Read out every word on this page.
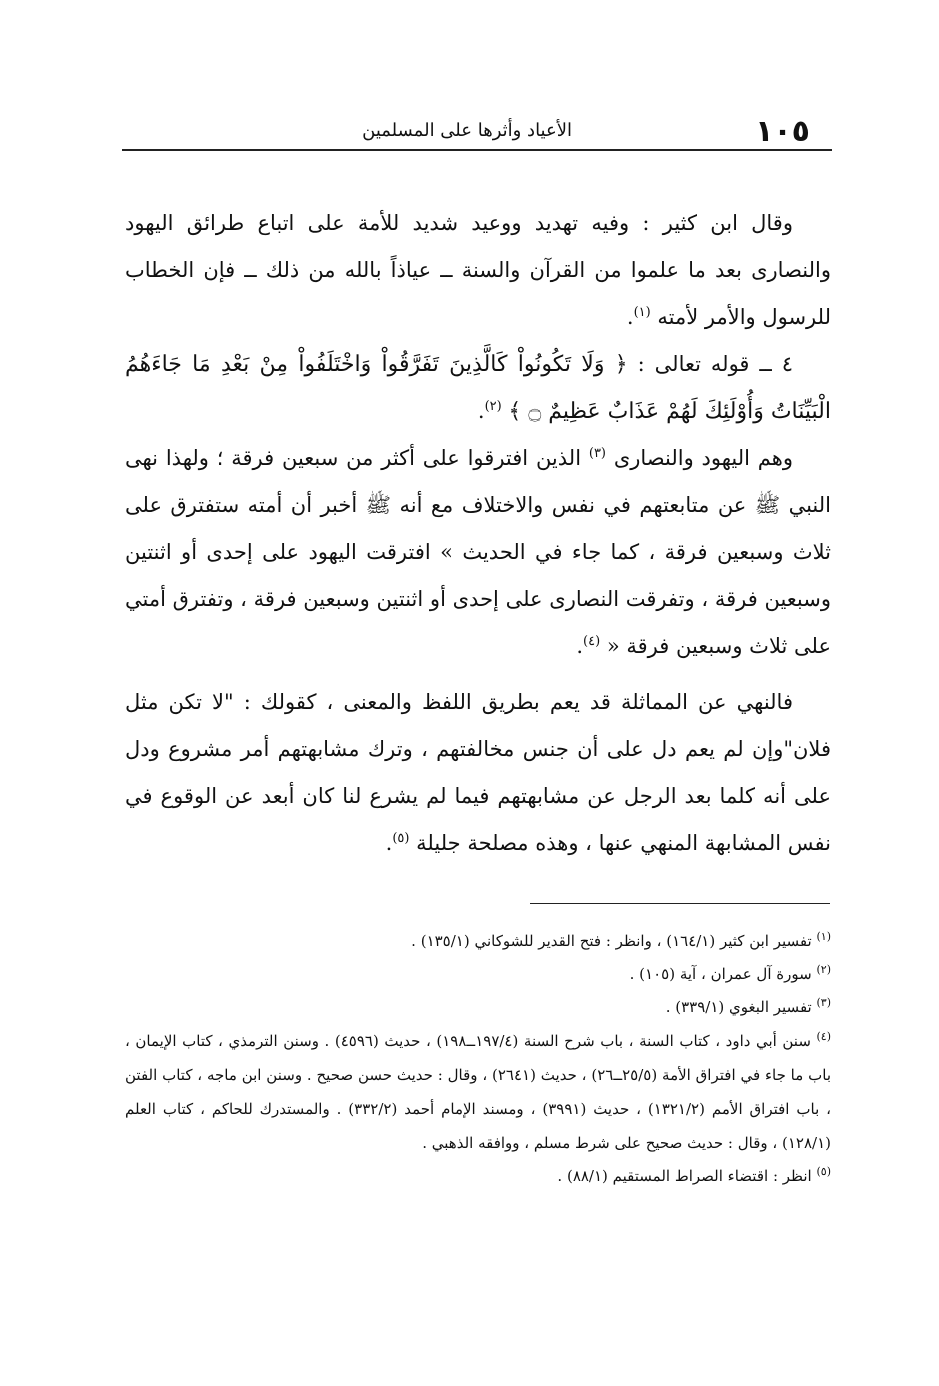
١٠٥
الأعياد وأثرها على المسلمين

وقال ابن كثير : وفيه تهديد ووعيد شديد للأمة على اتباع طرائق اليهود والنصارى بعد ما علموا من القرآن والسنة ــ عياذاً بالله من ذلك ــ فإن الخطاب للرسول والأمر لأمته $^{(١)}$.

٤ ــ قوله تعالى : ﴿ وَلَا تَكُونُواْ كَالَّذِينَ تَفَرَّقُواْ وَاخْتَلَفُواْ مِنْ بَعْدِ مَا جَاءَهُمُ الْبَيِّنَاتُ وَأُوْلَئِكَ لَهُمْ عَذَابٌ عَظِيمٌ ۝ ﴾ $^{(٢)}$.

وهم اليهود والنصارى $^{(٣)}$ الذين افترقوا على أكثر من سبعين فرقة ؛ ولهذا نهى النبي ﷺ عن متابعتهم في نفس والاختلاف مع أنه ﷺ أخبر أن أمته ستفترق على ثلاث وسبعين فرقة ، كما جاء في الحديث » افترقت اليهود على إحدى أو اثنتين وسبعين فرقة ، وتفرقت النصارى على إحدى أو اثنتين وسبعين فرقة ، وتفترق أمتي على ثلاث وسبعين فرقة « $^{(٤)}$.

فالنهي عن المماثلة قد يعم بطريق اللفظ والمعنى ، كقولك : "لا تكن مثل فلان"وإن لم يعم دل على أن جنس مخالفتهم ، وترك مشابهتهم أمر مشروع ودل على أنه كلما بعد الرجل عن مشابهتهم فيما لم يشرع لنا كان أبعد عن الوقوع في نفس المشابهة المنهي عنها ، وهذه مصلحة جليلة $^{(٥)}$.

$^{(١)}$ تفسير ابن كثير (١٦٤/١) ، وانظر : فتح القدير للشوكاني (١٣٥/١) .

$^{(٢)}$ سورة آل عمران ، آية (١٠٥) .

$^{(٣)}$ تفسير البغوي (٣٣٩/١) .

$^{(٤)}$ سنن أبي داود ، كتاب السنة ، باب شرح السنة (١٩٧/٤ــ١٩٨) ، حديث (٤٥٩٦) . وسنن الترمذي ، كتاب الإيمان ، باب ما جاء في افتراق الأمة (٢٥/٥ــ٢٦) ، حديث (٢٦٤١) ، وقال : حديث حسن صحيح . وسنن ابن ماجه ، كتاب الفتن ، باب افتراق الأمم (١٣٢١/٢) ، حديث (٣٩٩١) ، ومسند الإمام أحمد (٣٣٢/٢) . والمستدرك للحاكم ، كتاب العلم (١٢٨/١) ، وقال : حديث صحيح على شرط مسلم ، ووافقه الذهبي .

$^{(٥)}$ انظر : اقتضاء الصراط المستقيم (٨٨/١) .
